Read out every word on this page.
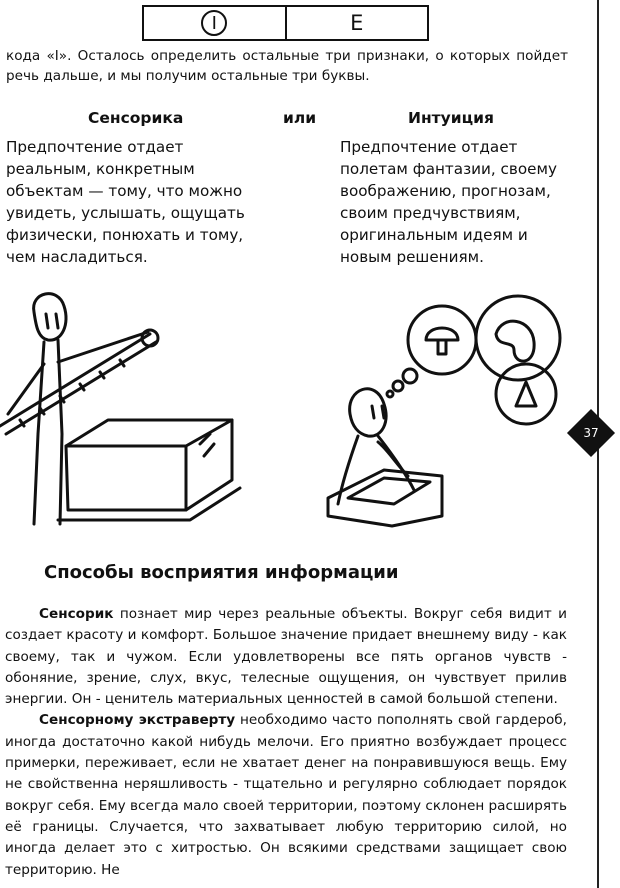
I	E
кода «I». Осталось определить остальные три признаки, о которых пойдет речь дальше, и мы получим остальные три буквы.
Сенсорика	или	Интуиция
Предпочтение отдает
реальным, конкретным
объектам — тому, что можно
увидеть, услышать, ощущать
физически, понюхать и тому,
чем насладиться.
Предпочтение отдает
полетам фантазии, своему
воображению, прогнозам,
своим предчувствиям,
оригинальным идеям и
новым решениям.
37
Способы восприятия информации

Сенсорик познает мир через реальные объекты. Вокруг себя видит и создает красоту и комфорт. Большое значение придает внешнему виду - как своему, так и чужом. Если удовлетворены все пять органов чувств - обоняние, зрение, слух, вкус, телесные ощущения, он чувствует прилив энергии. Он - ценитель материальных ценностей в самой большой степени.

Сенсорному экстраверту необходимо часто пополнять свой гардероб, иногда достаточно какой нибудь мелочи. Его приятно возбуждает процесс примерки, переживает, если не хватает денег на понравившуюся вещь. Ему не свойственна неряшливость - тщательно и регулярно соблюдает порядок вокруг себя. Ему всегда мало своей территории, поэтому склонен расширять её границы. Случается, что захватывает любую территорию силой, но иногда делает это с хитростью. Он всякими средствами защищает свою территорию. Не
